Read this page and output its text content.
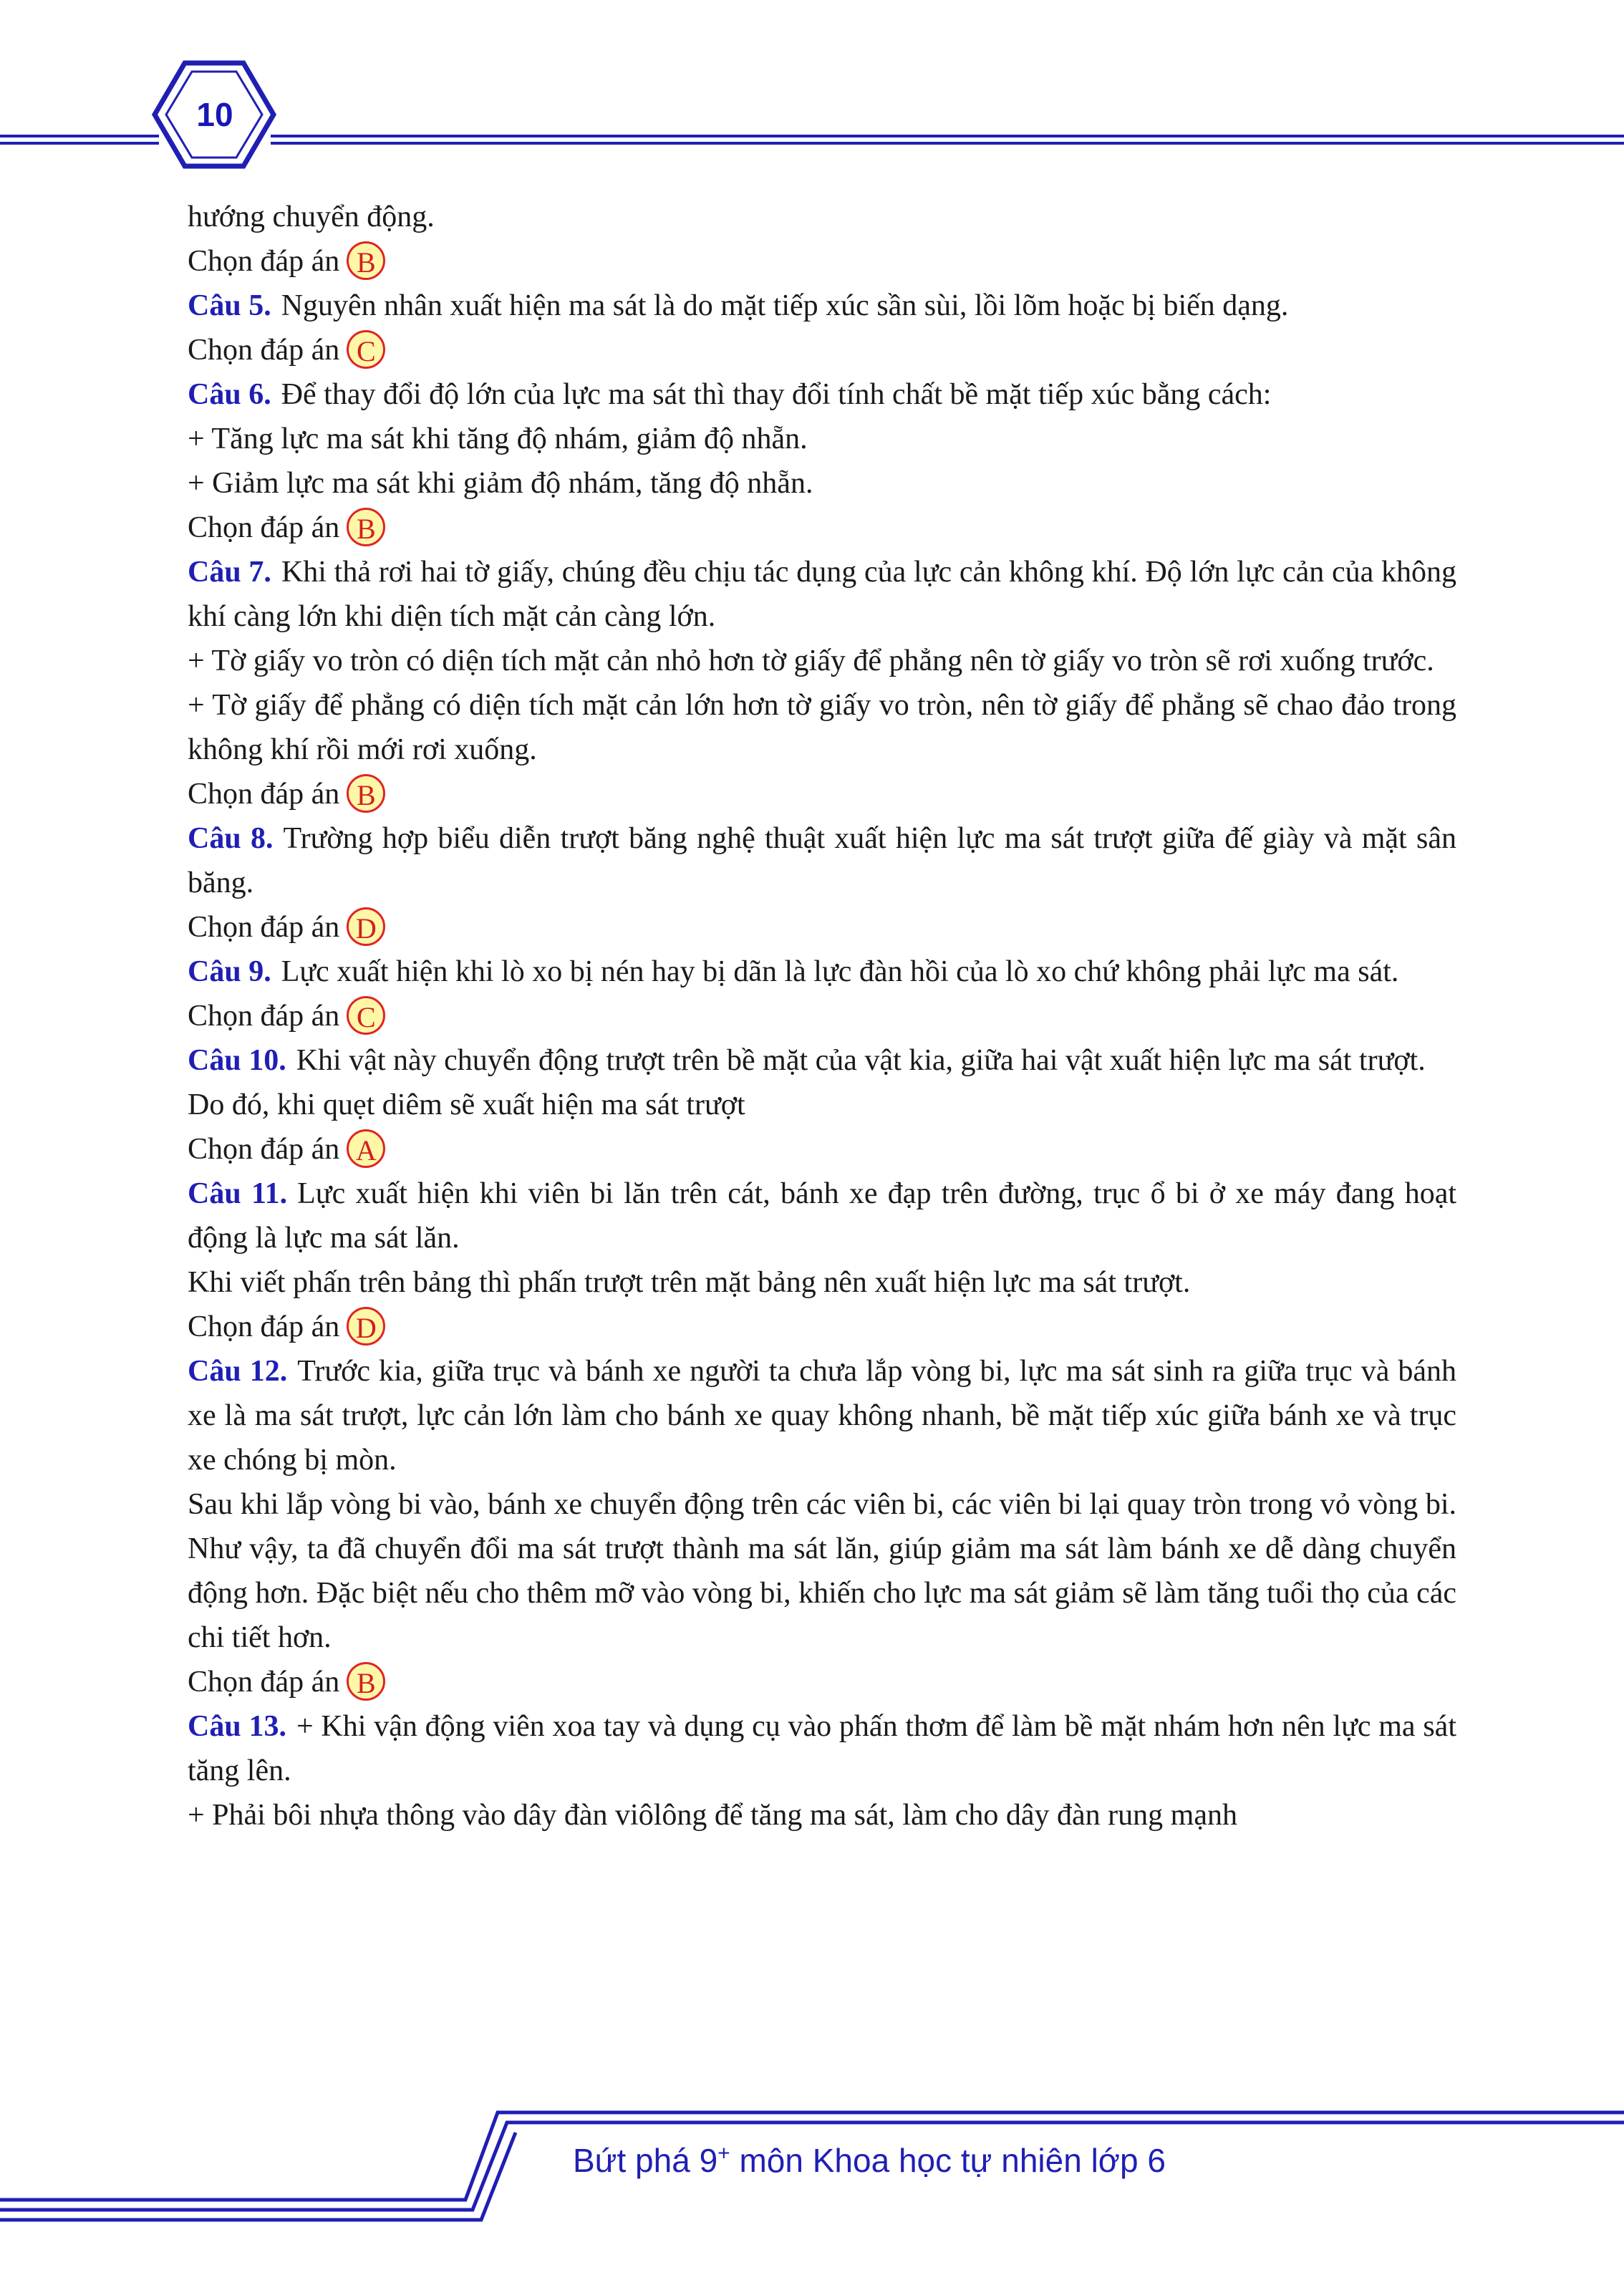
10

hướng chuyển động.

Chọn đáp án B

Câu 5. Nguyên nhân xuất hiện ma sát là do mặt tiếp xúc sần sùi, lồi lõm hoặc bị biến dạng.

Chọn đáp án C

Câu 6. Để thay đổi độ lớn của lực ma sát thì thay đổi tính chất bề mặt tiếp xúc bằng cách:

+ Tăng lực ma sát khi tăng độ nhám, giảm độ nhẵn.

+ Giảm lực ma sát khi giảm độ nhám, tăng độ nhẵn.

Chọn đáp án B

Câu 7. Khi thả rơi hai tờ giấy, chúng đều chịu tác dụng của lực cản không khí. Độ lớn lực cản của không khí càng lớn khi diện tích mặt cản càng lớn.

+ Tờ giấy vo tròn có diện tích mặt cản nhỏ hơn tờ giấy để phẳng nên tờ giấy vo tròn sẽ rơi xuống trước.

+ Tờ giấy để phẳng có diện tích mặt cản lớn hơn tờ giấy vo tròn, nên tờ giấy để phẳng sẽ chao đảo trong không khí rồi mới rơi xuống.

Chọn đáp án B

Câu 8. Trường hợp biểu diễn trượt băng nghệ thuật xuất hiện lực ma sát trượt giữa đế giày và mặt sân băng.

Chọn đáp án D

Câu 9. Lực xuất hiện khi lò xo bị nén hay bị dãn là lực đàn hồi của lò xo chứ không phải lực ma sát.

Chọn đáp án C

Câu 10. Khi vật này chuyển động trượt trên bề mặt của vật kia, giữa hai vật xuất hiện lực ma sát trượt.

Do đó, khi quẹt diêm sẽ xuất hiện ma sát trượt

Chọn đáp án A

Câu 11. Lực xuất hiện khi viên bi lăn trên cát, bánh xe đạp trên đường, trục ổ bi ở xe máy đang hoạt động là lực ma sát lăn.

Khi viết phấn trên bảng thì phấn trượt trên mặt bảng nên xuất hiện lực ma sát trượt.

Chọn đáp án D

Câu 12. Trước kia, giữa trục và bánh xe người ta chưa lắp vòng bi, lực ma sát sinh ra giữa trục và bánh xe là ma sát trượt, lực cản lớn làm cho bánh xe quay không nhanh, bề mặt tiếp xúc giữa bánh xe và trục xe chóng bị mòn.

Sau khi lắp vòng bi vào, bánh xe chuyển động trên các viên bi, các viên bi lại quay tròn trong vỏ vòng bi. Như vậy, ta đã chuyển đổi ma sát trượt thành ma sát lăn, giúp giảm ma sát làm bánh xe dễ dàng chuyển động hơn. Đặc biệt nếu cho thêm mỡ vào vòng bi, khiến cho lực ma sát giảm sẽ làm tăng tuổi thọ của các chi tiết hơn.

Chọn đáp án B

Câu 13. + Khi vận động viên xoa tay và dụng cụ vào phấn thơm để làm bề mặt nhám hơn nên lực ma sát tăng lên.

+ Phải bôi nhựa thông vào dây đàn viôlông để tăng ma sát, làm cho dây đàn rung mạnh

Bứt phá 9+ môn Khoa học tự nhiên lớp 6
